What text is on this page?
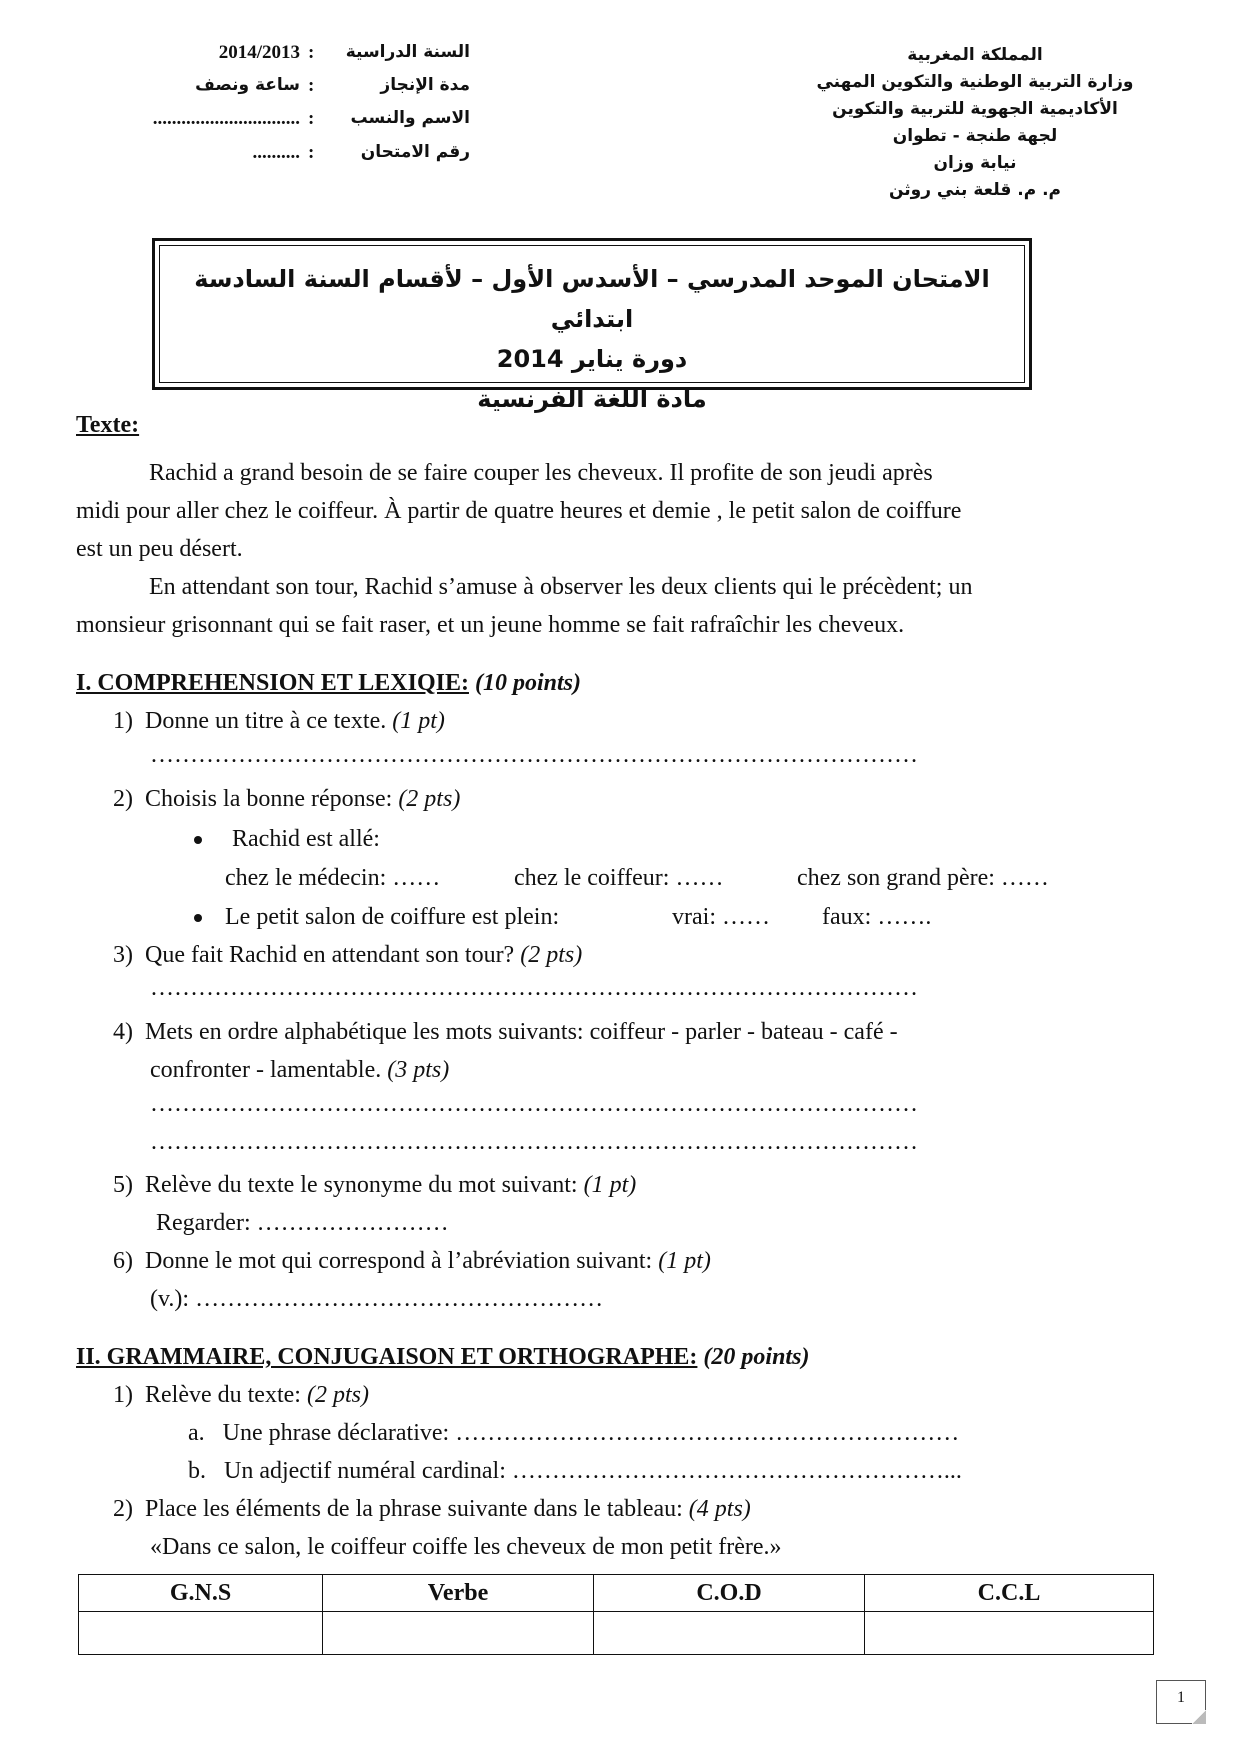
2014/2013 :	السنة الدراسية
ساعة ونصف :	مدة الإنجاز
............................... :	الاسم والنسب
.......... :	رقم الامتحان
المملكة المغربية
وزارة التربية الوطنية والتكوين المهني
الأكاديمية الجهوية للتربية والتكوين
لجهة طنجة - تطوان
نيابة وزان
م. م. قلعة بني روثن
الامتحان الموحد المدرسي – الأسدس الأول – لأقسام السنة السادسة ابتدائي
دورة يناير 2014
مادة اللغة الفرنسية
Texte:
Rachid a grand besoin de se faire couper les cheveux. Il profite de son jeudi après
midi pour aller chez le coiffeur. À partir de quatre heures et demie , le petit salon de coiffure
est un peu désert.
En attendant son tour, Rachid s’amuse à observer les deux clients qui le précèdent; un
monsieur grisonnant qui se fait raser, et un jeune homme se fait rafraîchir les cheveux.
I. COMPREHENSION ET LEXIQIE: (10 points)
1) Donne un titre à ce texte. (1 pt)
……………………………………………………………………………………
2) Choisis la bonne réponse: (2 pts)
Rachid est allé:
chez le médecin: ……	chez le coiffeur: ……	chez son grand père: ……
Le petit salon de coiffure est plein:	vrai: …… faux: …….
3) Que fait Rachid en attendant son tour? (2 pts)
……………………………………………………………………………………
4) Mets en ordre alphabétique les mots suivants: coiffeur - parler - bateau - café -
confronter - lamentable. (3 pts)
……………………………………………………………………………………
……………………………………………………………………………………
5) Relève du texte le synonyme du mot suivant: (1 pt)
Regarder: ……………………
6) Donne le mot qui correspond à l’abréviation suivant: (1 pt)
(v.): ……………………………………………
II. GRAMMAIRE, CONJUGAISON ET ORTHOGRAPHE: (20 points)
1) Relève du texte: (2 pts)
a. Une phrase déclarative: ………………………………………………………
b. Un adjectif numéral cardinal: ………………………………………………...
2) Place les éléments de la phrase suivante dans le tableau: (4 pts)
«Dans ce salon, le coiffeur coiffe les cheveux de mon petit frère.»
G.N.S	Verbe	C.O.D	C.C.L

1
